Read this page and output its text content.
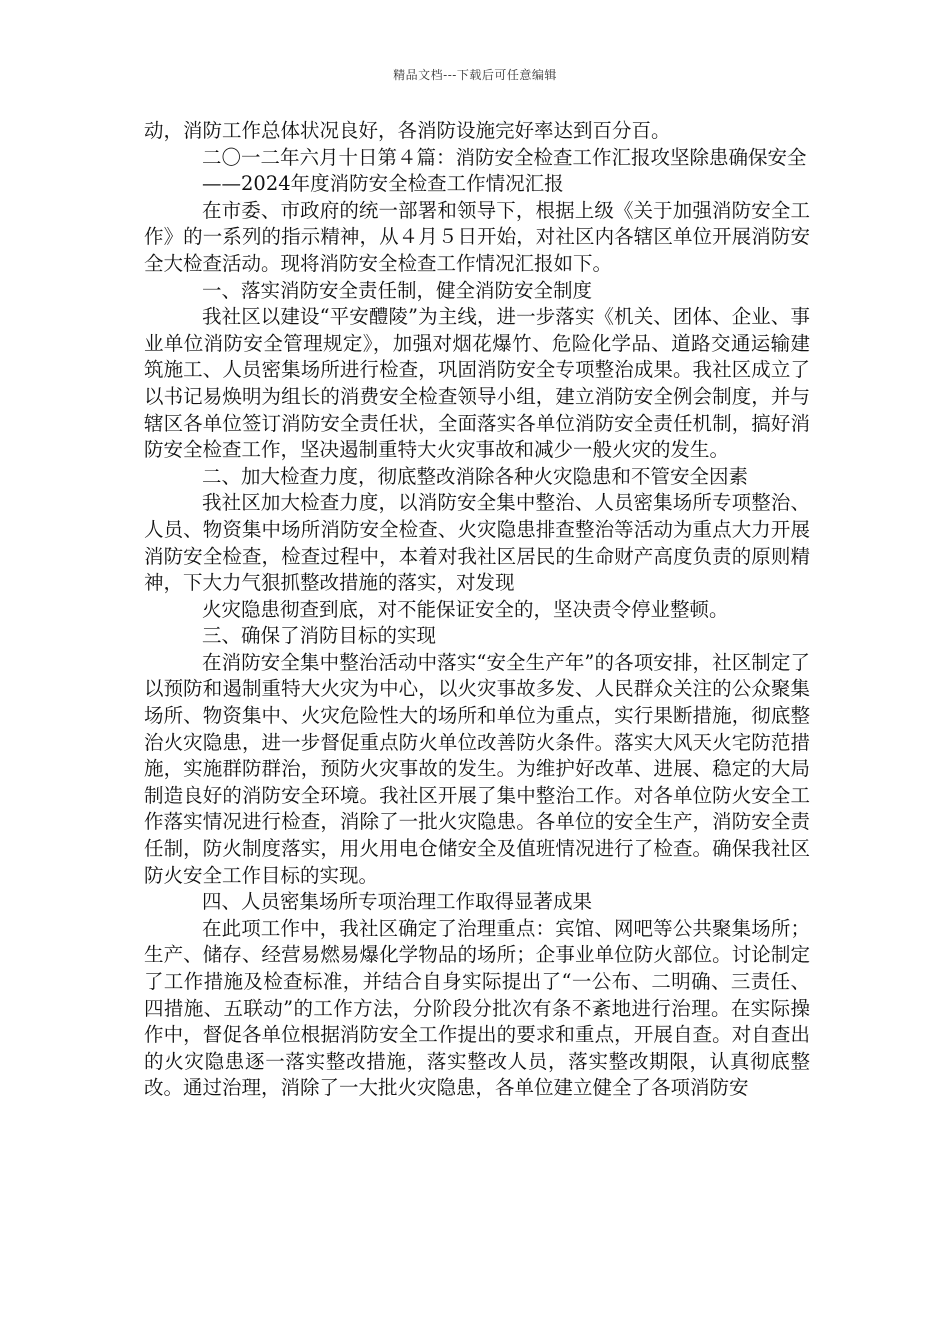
精品文档---下载后可任意编辑

动，消防工作总体状况良好，各消防设施完好率达到百分百。

二〇一二年六月十日第４篇：消防安全检查工作汇报攻坚除患确保安全

——2024年度消防安全检查工作情况汇报

在市委、市政府的统一部署和领导下，根据上级《关于加强消防安全工作》的一系列的指示精神，从４月５日开始，对社区内各辖区单位开展消防安全大检查活动。现将消防安全检查工作情况汇报如下。

一、落实消防安全责任制，健全消防安全制度

我社区以建设“平安醴陵”为主线，进一步落实《机关、团体、企业、事业单位消防安全管理规定》，加强对烟花爆竹、危险化学品、道路交通运输建筑施工、人员密集场所进行检查，巩固消防安全专项整治成果。我社区成立了以书记易焕明为组长的消费安全检查领导小组，建立消防安全例会制度，并与辖区各单位签订消防安全责任状，全面落实各单位消防安全责任机制，搞好消防安全检查工作，坚决遏制重特大火灾事故和减少一般火灾的发生。

二、加大检查力度，彻底整改消除各种火灾隐患和不管安全因素

我社区加大检查力度，以消防安全集中整治、人员密集场所专项整治、人员、物资集中场所消防安全检查、火灾隐患排查整治等活动为重点大力开展消防安全检查，检查过程中，本着对我社区居民的生命财产高度负责的原则精神，下大力气狠抓整改措施的落实，对发现

火灾隐患彻查到底，对不能保证安全的，坚决责令停业整顿。

三、确保了消防目标的实现

在消防安全集中整治活动中落实“安全生产年”的各项安排，社区制定了以预防和遏制重特大火灾为中心，以火灾事故多发、人民群众关注的公众聚集场所、物资集中、火灾危险性大的场所和单位为重点，实行果断措施，彻底整治火灾隐患，进一步督促重点防火单位改善防火条件。落实大风天火宅防范措施，实施群防群治，预防火灾事故的发生。为维护好改革、进展、稳定的大局制造良好的消防安全环境。我社区开展了集中整治工作。对各单位防火安全工作落实情况进行检查，消除了一批火灾隐患。各单位的安全生产，消防安全责任制，防火制度落实，用火用电仓储安全及值班情况进行了检查。确保我社区防火安全工作目标的实现。

四、人员密集场所专项治理工作取得显著成果

在此项工作中，我社区确定了治理重点：宾馆、网吧等公共聚集场所；生产、储存、经营易燃易爆化学物品的场所；企事业单位防火部位。讨论制定了工作措施及检查标准，并结合自身实际提出了“一公布、二明确、三责任、四措施、五联动”的工作方法，分阶段分批次有条不紊地进行治理。在实际操作中，督促各单位根据消防安全工作提出的要求和重点，开展自查。对自查出的火灾隐患逐一落实整改措施，落实整改人员，落实整改期限，认真彻底整改。通过治理，消除了一大批火灾隐患，各单位建立健全了各项消防安
